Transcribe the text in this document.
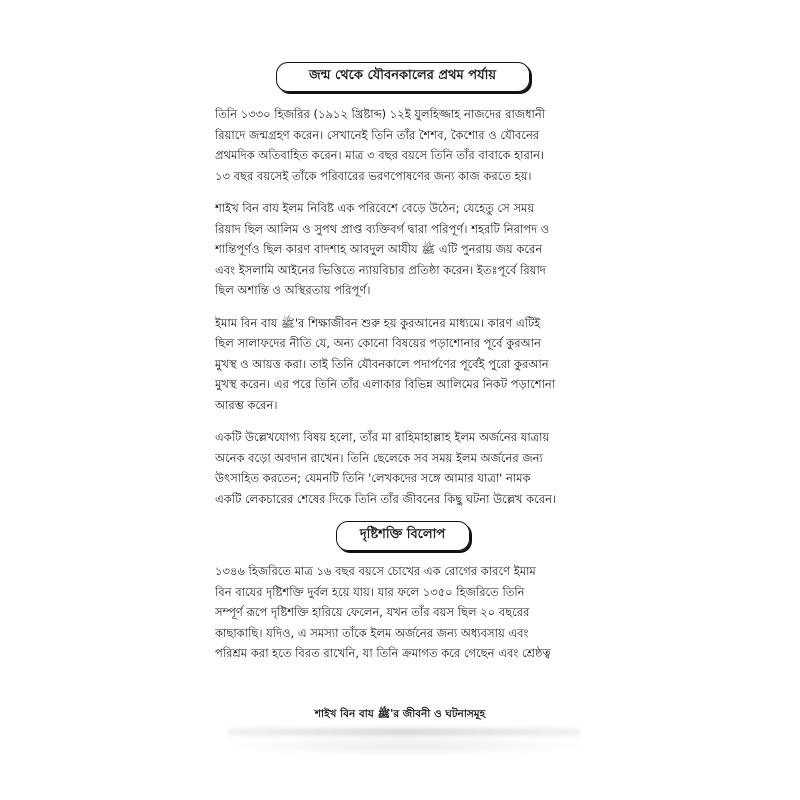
জন্ম থেকে যৌবনকালের প্রথম পর্যায়

তিনি ১৩৩০ হিজরির (১৯১২ খ্রিষ্টাব্দ) ১২ই যুলহিজ্জাহ নাজদের রাজধানী
রিয়াদে জন্মগ্রহণ করেন। সেখানেই তিনি তাঁর শৈশব, কৈশোর ও যৌবনের
প্রথমদিক অতিবাহিত করেন। মাত্র ৩ বছর বয়সে তিনি তাঁর বাবাকে হারান।
১৩ বছর বয়সেই তাঁকে পরিবারের ভরণপোষণের জন্য কাজ করতে হয়।

শাইখ বিন বায ইলম নিবিষ্ট এক পরিবেশে বেড়ে উঠেন; যেহেতু সে সময়
রিয়াদ ছিল আলিম ও সুপথ প্রাপ্ত ব্যক্তিবর্গ দ্বারা পরিপূর্ণ। শহরটি নিরাপদ ও
শান্তিপূর্ণও ছিল কারণ বাদশাহ আবদুল আযীয ﷺ এটি পুনরায় জয় করেন
এবং ইসলামি আইনের ভিত্তিতে ন্যায়বিচার প্রতিষ্ঠা করেন। ইতঃপূর্বে রিয়াদ
ছিল অশান্তি ও অস্থিরতায় পরিপূর্ণ।

ইমাম বিন বায ﷺ'র শিক্ষাজীবন শুরু হয় কুরআনের মাধ্যমে। কারণ এটিই
ছিল সালাফদের নীতি যে, অন্য কোনো বিষয়ের পড়াশোনার পূর্বে কুরআন
মুখস্থ ও আয়ত্ত করা। তাই তিনি যৌবনকালে পদার্পণের পূর্বেই পুরো কুরআন
মুখস্থ করেন। এর পরে তিনি তাঁর এলাকার বিভিন্ন আলিমের নিকট পড়াশোনা
আরম্ভ করেন।

একটি উল্লেখযোগ্য বিষয় হলো, তাঁর মা রাহিমাহাল্লাহ ইলম অর্জনের যাত্রায়
অনেক বড়ো অবদান রাখেন। তিনি ছেলেকে সব সময় ইলম অর্জনের জন্য
উৎসাহিত করতেন; যেমনটি তিনি 'লেখকদের সঙ্গে আমার যাত্রা' নামক
একটি লেকচারের শেষের দিকে তিনি তাঁর জীবনের কিছু ঘটনা উল্লেখ করেন।

দৃষ্টিশক্তি বিলোপ

১৩৪৬ হিজরিতে মাত্র ১৬ বছর বয়সে চোখের এক রোগের কারণে ইমাম
বিন বাযের দৃষ্টিশক্তি দুর্বল হয়ে যায়। যার ফলে ১৩৫০ হিজরিতে তিনি
সম্পূর্ণ রূপে দৃষ্টিশক্তি হারিয়ে ফেলেন, যখন তাঁর বয়স ছিল ২০ বছরের
কাছাকাছি। যদিও, এ সমস্যা তাঁকে ইলম অর্জনের জন্য অধ্যবসায় এবং
পরিশ্রম করা হতে বিরত রাখেনি, যা তিনি ক্রমাগত করে গেছেন এবং শ্রেষ্ঠত্ব

শাইখ বিন বায ﷺ'র জীবনী ও ঘটনাসমূহ
